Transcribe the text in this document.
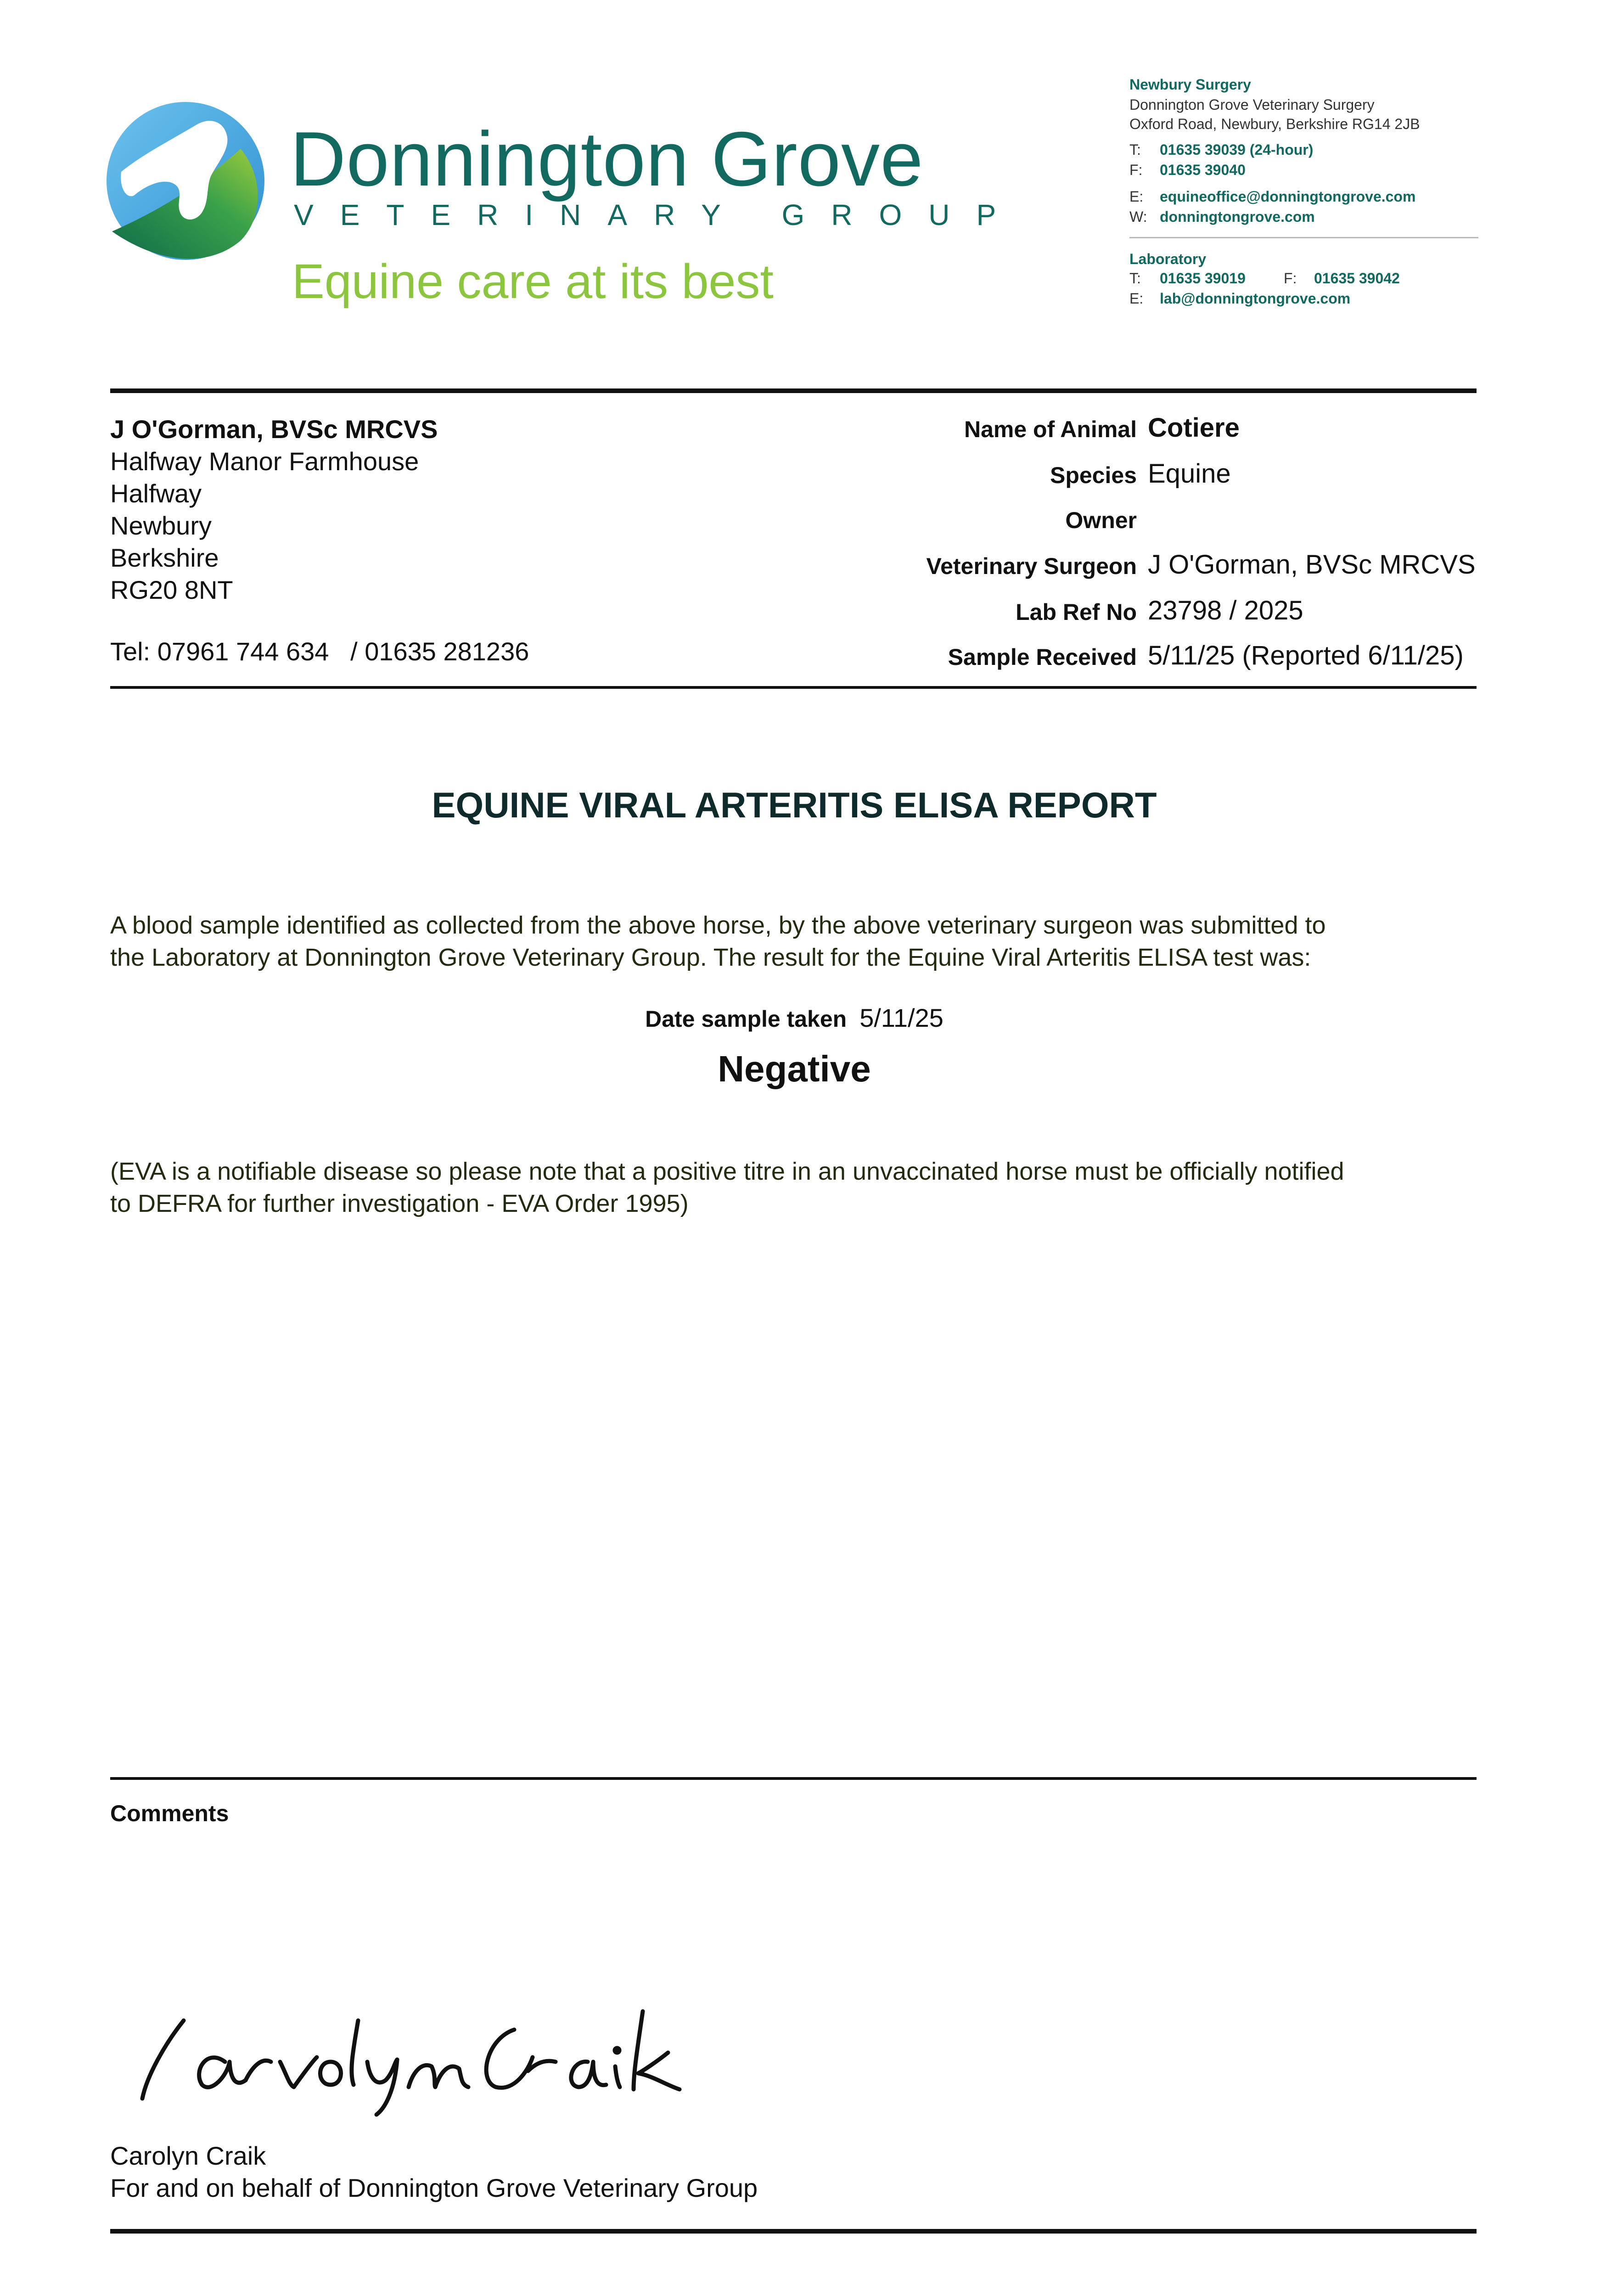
Donnington Grove
VETERINARY GROUP
Equine care at its best
Newbury Surgery
Donnington Grove Veterinary Surgery
Oxford Road, Newbury, Berkshire RG14 2JB
T:	01635 39039 (24-hour)
F:	01635 39040
E:	equineoffice@donningtongrove.com
W: donningtongrove.com
Laboratory
T:	01635 39019	F:	01635 39042
E:	lab@donningtongrove.com
J O'Gorman, BVSc MRCVS
Halfway Manor Farmhouse
Halfway
Newbury
Berkshire
RG20 8NT
Tel: 07961 744 634   / 01635 281236
Name of Animal Cotiere
Species Equine
Owner
Veterinary Surgeon J O'Gorman, BVSc MRCVS
Lab Ref No 23798 / 2025
Sample Received 5/11/25 (Reported 6/11/25)
EQUINE VIRAL ARTERITIS ELISA REPORT
A blood sample identified as collected from the above horse, by the above veterinary surgeon was submitted to
the Laboratory at Donnington Grove Veterinary Group. The result for the Equine Viral Arteritis ELISA test was:
Date sample taken 5/11/25
Negative
(EVA is a notifiable disease so please note that a positive titre in an unvaccinated horse must be officially notified
to DEFRA for further investigation - EVA Order 1995)
Comments
Carolyn Craik
For and on behalf of Donnington Grove Veterinary Group
